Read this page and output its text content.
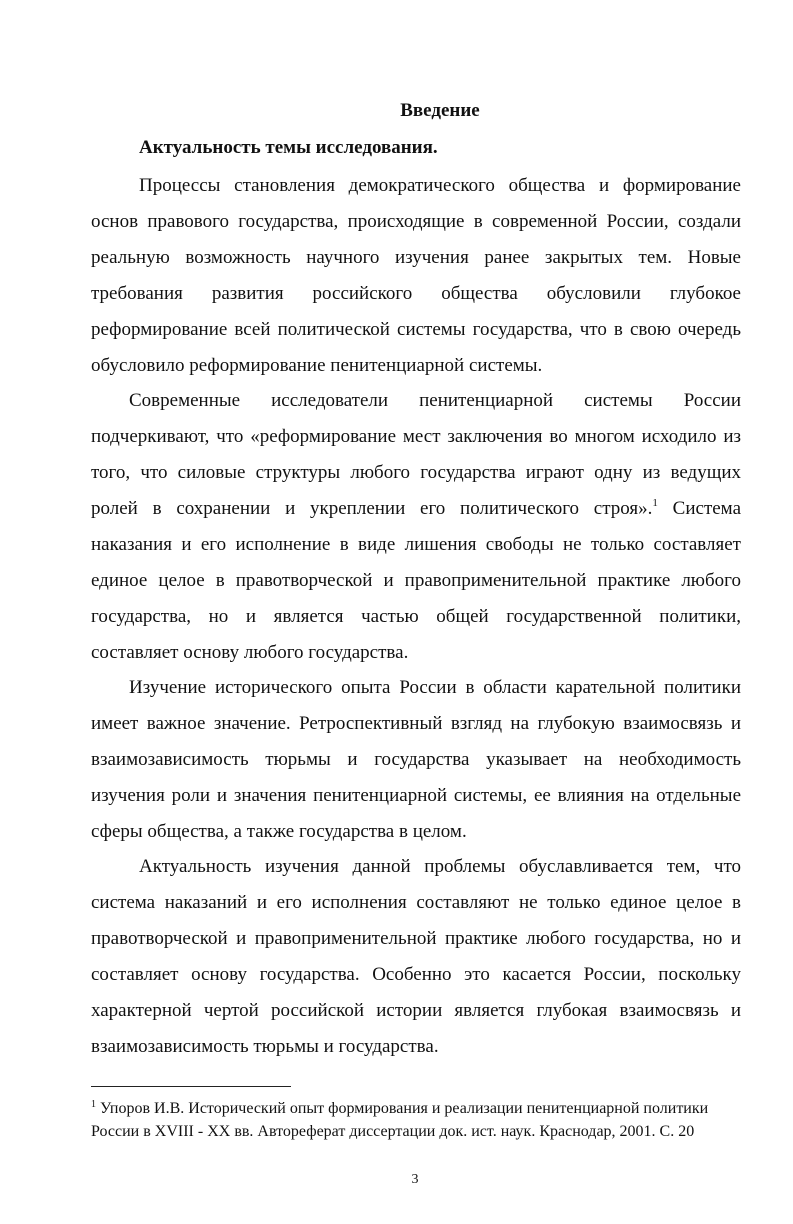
Введение
Актуальность темы исследования.

Процессы становления демократического общества и формирование основ правового государства, происходящие в современной России, создали реальную возможность научного изучения ранее закрытых тем. Новые требования развития российского общества обусловили глубокое реформирование всей политической системы государства, что в свою очередь обусловило реформирование пенитенциарной системы.

Современные исследователи пенитенциарной системы России подчеркивают, что «реформирование мест заключения во многом исходило из того, что силовые структуры любого государства играют одну из ведущих ролей в сохранении и укреплении его политического строя».$^1$ Система наказания и его исполнение в виде лишения свободы не только составляет единое целое в правотворческой и правоприменительной практике любого государства, но и является частью общей государственной политики, составляет основу любого государства.

Изучение исторического опыта России в области карательной политики имеет важное значение. Ретроспективный взгляд на глубокую взаимосвязь и взаимозависимость тюрьмы и государства указывает на необходимость изучения роли и значения пенитенциарной системы, ее влияния на отдельные сферы общества, а также государства в целом.

Актуальность изучения данной проблемы обуславливается тем, что система наказаний и его исполнения составляют не только единое целое в правотворческой и правоприменительной практике любого государства, но и составляет основу государства. Особенно это касается России, поскольку характерной чертой российской истории является глубокая взаимосвязь и взаимозависимость тюрьмы и государства.

$^1$ Упоров И.В. Исторический опыт формирования и реализации пенитенциарной политики России в XVIII - XX вв. Автореферат диссертации док. ист. наук. Краснодар, 2001. С. 20
3
